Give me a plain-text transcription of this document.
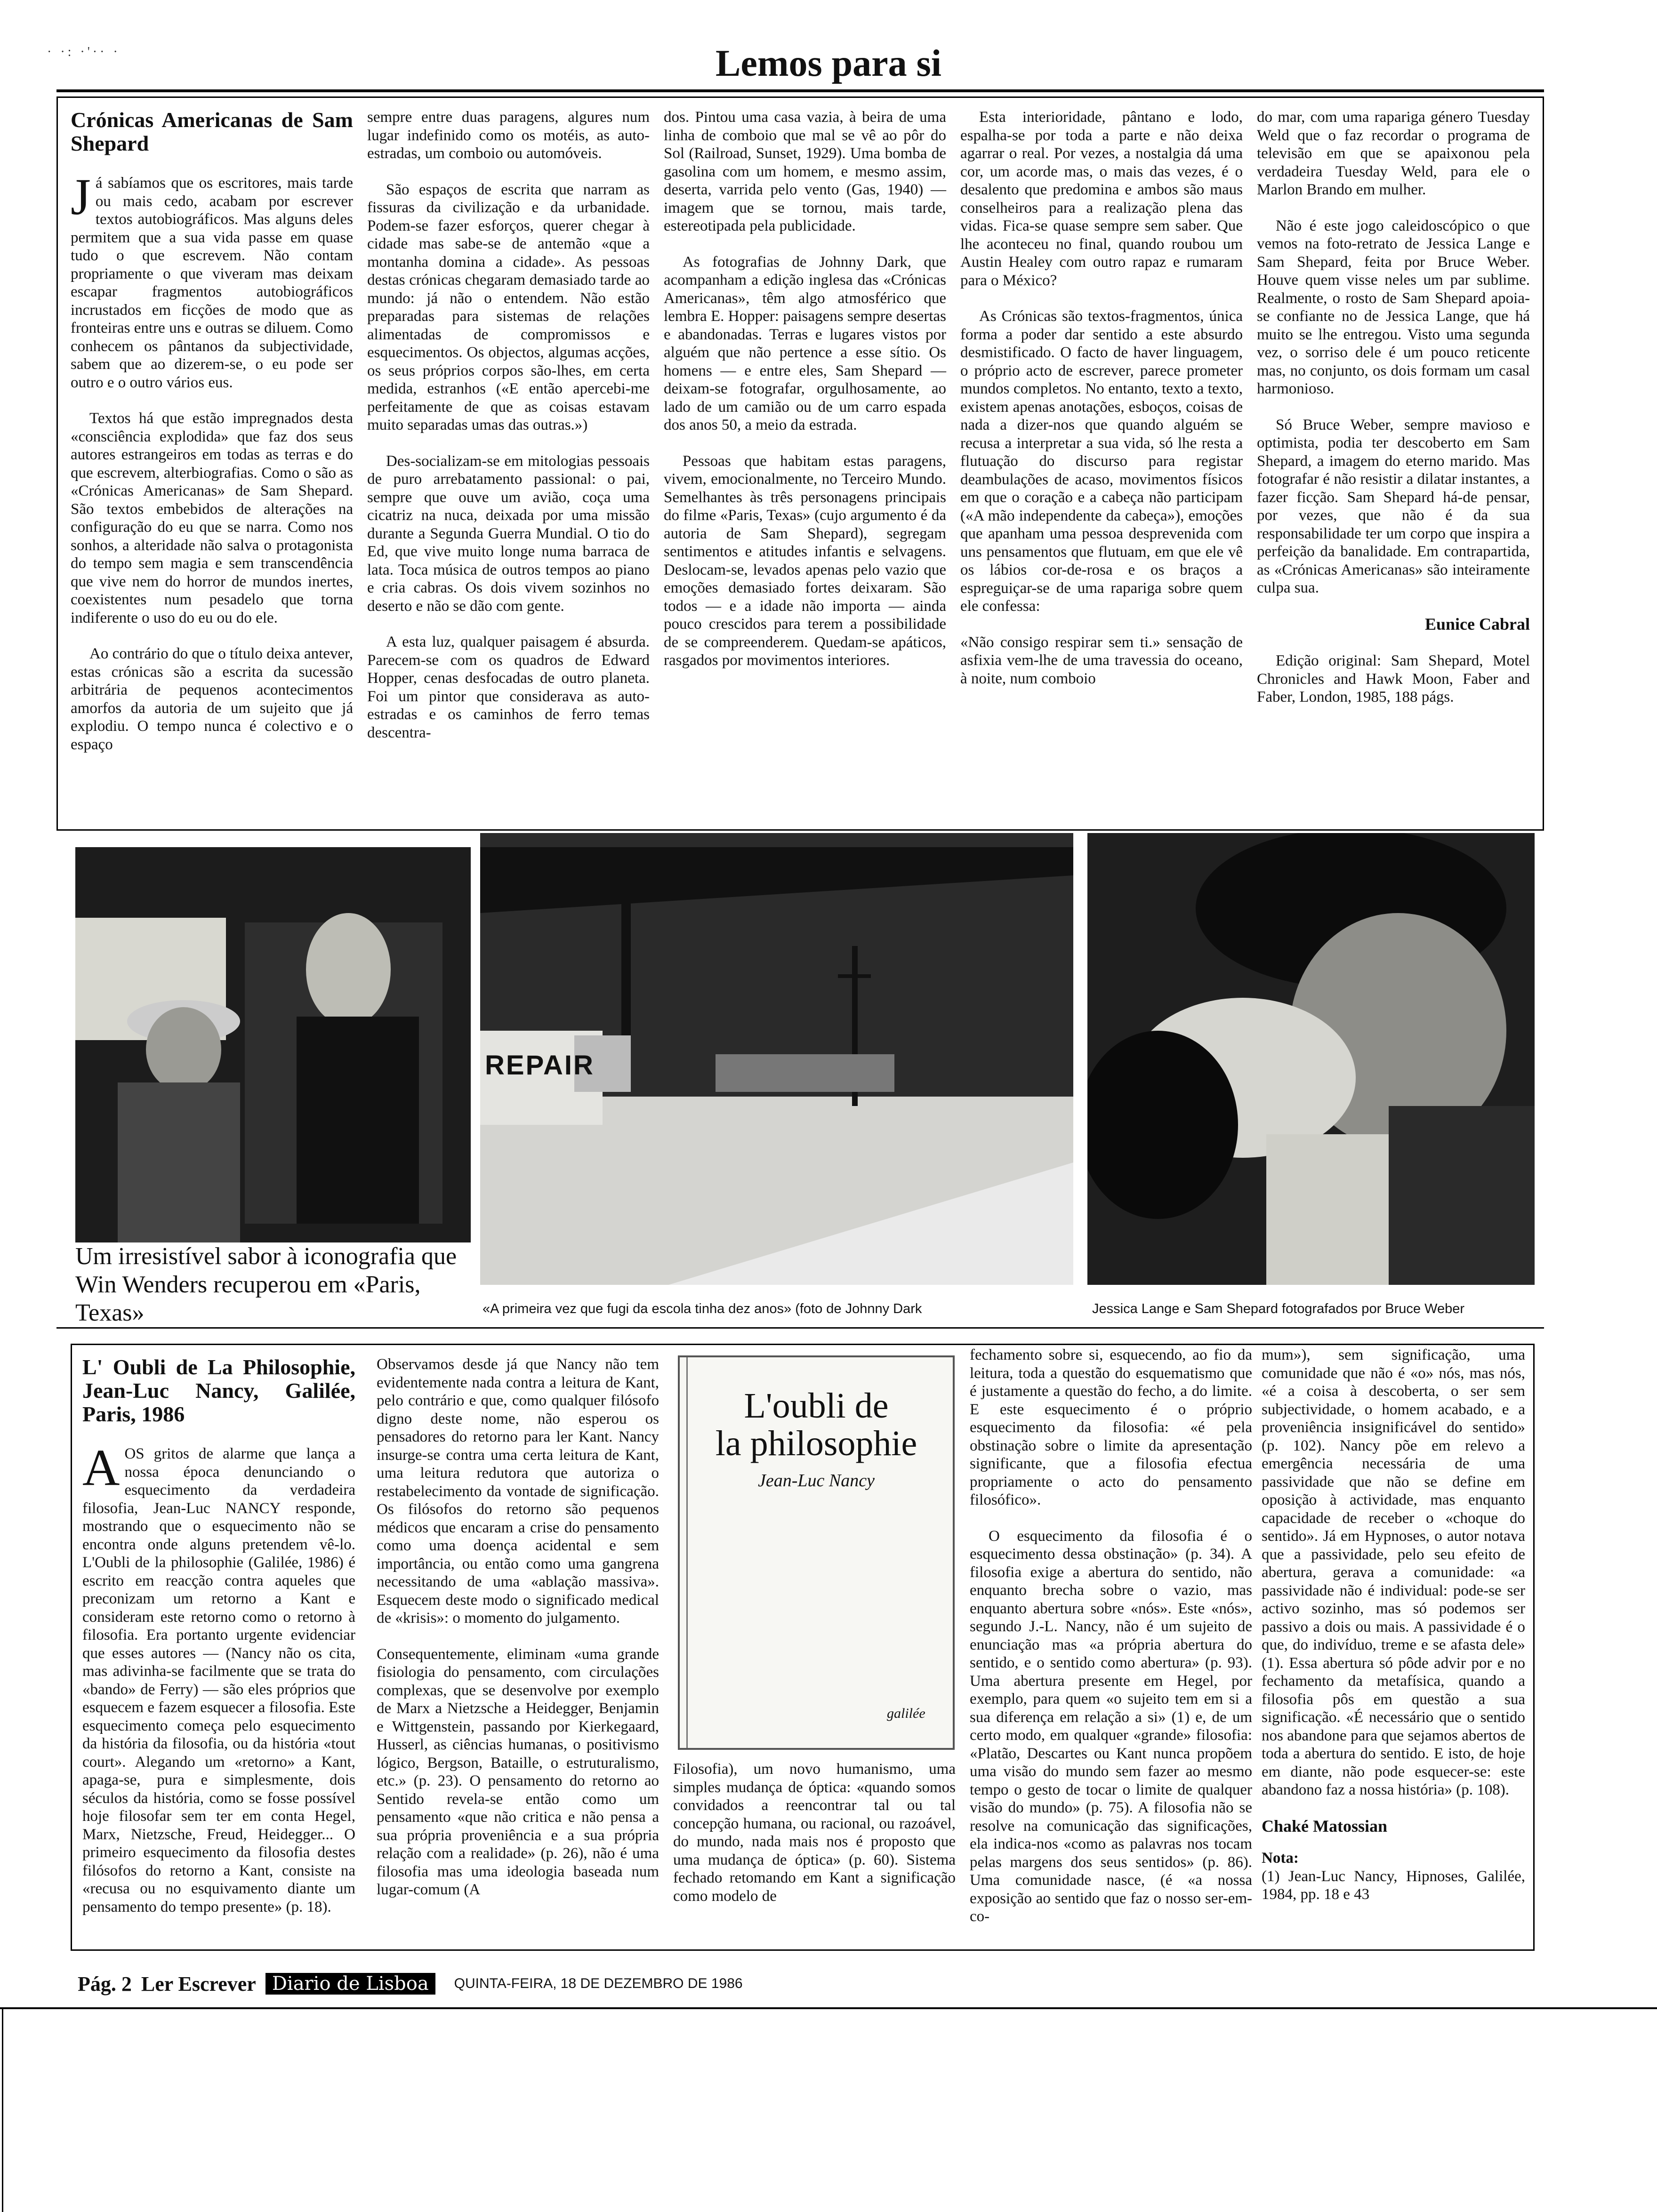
· ·: ·'·· ·	Lemos para si
Crónicas Americanas de Sam Shepard

Já sabíamos que os escritores, mais tarde ou mais cedo, acabam por escrever textos autobiográficos. Mas alguns deles permitem que a sua vida passe em quase tudo o que escrevem. Não contam propriamente o que viveram mas deixam escapar fragmentos autobiográficos incrustados em ficções de modo que as fronteiras entre uns e outras se diluem. Como conhecem os pântanos da subjectividade, sabem que ao dizerem-se, o eu pode ser outro e o outro vários eus.

Textos há que estão impregnados desta «consciência explodida» que faz dos seus autores estrangeiros em todas as terras e do que escrevem, alterbiografias. Como o são as «Crónicas Americanas» de Sam Shepard. São textos embebidos de alterações na configuração do eu que se narra. Como nos sonhos, a alteridade não salva o protagonista do tempo sem magia e sem transcendência que vive nem do horror de mundos inertes, coexistentes num pesadelo que torna indiferente o uso do eu ou do ele.

Ao contrário do que o título deixa antever, estas crónicas são a escrita da sucessão arbitrária de pequenos acontecimentos amorfos da autoria de um sujeito que já explodiu. O tempo nunca é colectivo e o espaço

sempre entre duas paragens, algures num lugar indefinido como os motéis, as auto-estradas, um comboio ou automóveis.

São espaços de escrita que narram as fissuras da civilização e da urbanidade. Podem-se fazer esforços, querer chegar à cidade mas sabe-se de antemão «que a montanha domina a cidade». As pessoas destas crónicas chegaram demasiado tarde ao mundo: já não o entendem. Não estão preparadas para sistemas de relações alimentadas de compromissos e esquecimentos. Os objectos, algumas acções, os seus próprios corpos são-lhes, em certa medida, estranhos («E então apercebi-me perfeitamente de que as coisas estavam muito separadas umas das outras.»)

Des-socializam-se em mitologias pessoais de puro arrebatamento passional: o pai, sempre que ouve um avião, coça uma cicatriz na nuca, deixada por uma missão durante a Segunda Guerra Mundial. O tio do Ed, que vive muito longe numa barraca de lata. Toca música de outros tempos ao piano e cria cabras. Os dois vivem sozinhos no deserto e não se dão com gente.

A esta luz, qualquer paisagem é absurda. Parecem-se com os quadros de Edward Hopper, cenas desfocadas de outro planeta. Foi um pintor que considerava as auto-estradas e os caminhos de ferro temas descentra-

dos. Pintou uma casa vazia, à beira de uma linha de comboio que mal se vê ao pôr do Sol (Railroad, Sunset, 1929). Uma bomba de gasolina com um homem, e mesmo assim, deserta, varrida pelo vento (Gas, 1940) — imagem que se tornou, mais tarde, estereotipada pela publicidade.

As fotografias de Johnny Dark, que acompanham a edição inglesa das «Crónicas Americanas», têm algo atmosférico que lembra E. Hopper: paisagens sempre desertas e abandonadas. Terras e lugares vistos por alguém que não pertence a esse sítio. Os homens — e entre eles, Sam Shepard — deixam-se fotografar, orgulhosamente, ao lado de um camião ou de um carro espada dos anos 50, a meio da estrada.

Pessoas que habitam estas paragens, vivem, emocionalmente, no Terceiro Mundo. Semelhantes às três personagens principais do filme «Paris, Texas» (cujo argumento é da autoria de Sam Shepard), segregam sentimentos e atitudes infantis e selvagens. Deslocam-se, levados apenas pelo vazio que emoções demasiado fortes deixaram. São todos — e a idade não importa — ainda pouco crescidos para terem a possibilidade de se compreenderem. Quedam-se apáticos, rasgados por movimentos interiores.

Esta interioridade, pântano e lodo, espalha-se por toda a parte e não deixa agarrar o real. Por vezes, a nostalgia dá uma cor, um acorde mas, o mais das vezes, é o desalento que predomina e ambos são maus conselheiros para a realização plena das vidas. Fica-se quase sempre sem saber. Que lhe aconteceu no final, quando roubou um Austin Healey com outro rapaz e rumaram para o México?

As Crónicas são textos-fragmentos, única forma a poder dar sentido a este absurdo desmistificado. O facto de haver linguagem, o próprio acto de escrever, parece prometer mundos completos. No entanto, texto a texto, existem apenas anotações, esboços, coisas de nada a dizer-nos que quando alguém se recusa a interpretar a sua vida, só lhe resta a flutuação do discurso para registar deambulações de acaso, movimentos físicos em que o coração e a cabeça não participam («A mão independente da cabeça»), emoções que apanham uma pessoa desprevenida com uns pensamentos que flutuam, em que ele vê os lábios cor-de-rosa e os braços a espreguiçar-se de uma rapariga sobre quem ele confessa:

«Não consigo respirar sem ti.» sensação de asfixia vem-lhe de uma travessia do oceano, à noite, num comboio

do mar, com uma rapariga género Tuesday Weld que o faz recordar o programa de televisão em que se apaixonou pela verdadeira Tuesday Weld, para ele o Marlon Brando em mulher.

Não é este jogo caleidoscópico o que vemos na foto-retrato de Jessica Lange e Sam Shepard, feita por Bruce Weber. Houve quem visse neles um par sublime. Realmente, o rosto de Sam Shepard apoia-se confiante no de Jessica Lange, que há muito se lhe entregou. Visto uma segunda vez, o sorriso dele é um pouco reticente mas, no conjunto, os dois formam um casal harmonioso.

Só Bruce Weber, sempre mavioso e optimista, podia ter descoberto em Sam Shepard, a imagem do eterno marido. Mas fotografar é não resistir a dilatar instantes, a fazer ficção. Sam Shepard há-de pensar, por vezes, que não é da sua responsabilidade ter um corpo que inspira a perfeição da banalidade. Em contrapartida, as «Crónicas Americanas» são inteiramente culpa sua.

Eunice Cabral

Edição original: Sam Shepard, Motel Chronicles and Hawk Moon, Faber and Faber, London, 1985, 188 págs.

REPAIR
Um irresistível sabor à iconografia que Win Wenders recuperou em «Paris, Texas»	«A primeira vez que fugi da escola tinha dez anos» (foto de Johnny Dark	Jessica Lange e Sam Shepard fotografados por Bruce Weber
L' Oubli de La Philosophie, Jean-Luc Nancy, Galilée, Paris, 1986

AOS gritos de alarme que lança a nossa época denunciando o esquecimento da verdadeira filosofia, Jean-Luc NANCY responde, mostrando que o esquecimento não se encontra onde alguns pretendem vê-lo. L'Oubli de la philosophie (Galilée, 1986) é escrito em reacção contra aqueles que preconizam um retorno a Kant e consideram este retorno como o retorno à filosofia. Era portanto urgente evidenciar que esses autores — (Nancy não os cita, mas adivinha-se facilmente que se trata do «bando» de Ferry) — são eles próprios que esquecem e fazem esquecer a filosofia. Este esquecimento começa pelo esquecimento da história da filosofia, ou da história «tout court». Alegando um «retorno» a Kant, apaga-se, pura e simplesmente, dois séculos da história, como se fosse possível hoje filosofar sem ter em conta Hegel, Marx, Nietzsche, Freud, Heidegger... O primeiro esquecimento da filosofia destes filósofos do retorno a Kant, consiste na «recusa ou no esquivamento diante um pensamento do tempo presente» (p. 18).

Observamos desde já que Nancy não tem evidentemente nada contra a leitura de Kant, pelo contrário e que, como qualquer filósofo digno deste nome, não esperou os pensadores do retorno para ler Kant. Nancy insurge-se contra uma certa leitura de Kant, uma leitura redutora que autoriza o restabelecimento da vontade de significação. Os filósofos do retorno são pequenos médicos que encaram a crise do pensamento como uma doença acidental e sem importância, ou então como uma gangrena necessitando de uma «ablação massiva». Esquecem deste modo o significado medical de «krisis»: o momento do julgamento.

Consequentemente, eliminam «uma grande fisiologia do pensamento, com circulações complexas, que se desenvolve por exemplo de Marx a Nietzsche a Heidegger, Benjamin e Wittgenstein, passando por Kierkegaard, Husserl, as ciências humanas, o positivismo lógico, Bergson, Bataille, o estruturalismo, etc.» (p. 23). O pensamento do retorno ao Sentido revela-se então como um pensamento «que não critica e não pensa a sua própria proveniência e a sua própria relação com a realidade» (p. 26), não é uma filosofia mas uma ideologia baseada num lugar-comum (A

L'oubli de
la philosophie
Jean-Luc Nancy
galilée

Filosofia), um novo humanismo, uma simples mudança de óptica: «quando somos convidados a reencontrar tal ou tal concepção humana, ou racional, ou razoável, do mundo, nada mais nos é proposto que uma mudança de óptica» (p. 60). Sistema fechado retomando em Kant a significação como modelo de

fechamento sobre si, esquecendo, ao fio da leitura, toda a questão do esquematismo que é justamente a questão do fecho, a do limite. E este esquecimento é o próprio esquecimento da filosofia: «é pela obstinação sobre o limite da apresentação significante, que a filosofia efectua propriamente o acto do pensamento filosófico».

O esquecimento da filosofia é o esquecimento dessa obstinação» (p. 34). A filosofia exige a abertura do sentido, não enquanto brecha sobre o vazio, mas enquanto abertura sobre «nós». Este «nós», segundo J.-L. Nancy, não é um sujeito de enunciação mas «a própria abertura do sentido, e o sentido como abertura» (p. 93). Uma abertura presente em Hegel, por exemplo, para quem «o sujeito tem em si a sua diferença em relação a si» (1) e, de um certo modo, em qualquer «grande» filosofia: «Platão, Descartes ou Kant nunca propõem uma visão do mundo sem fazer ao mesmo tempo o gesto de tocar o limite de qualquer visão do mundo» (p. 75). A filosofia não se resolve na comunicação das significações, ela indica-nos «como as palavras nos tocam pelas margens dos seus sentidos» (p. 86). Uma comunidade nasce, (é «a nossa exposição ao sentido que faz o nosso ser-em-co-

mum»), sem significação, uma comunidade que não é «o» nós, mas nós, «é a coisa à descoberta, o ser sem subjectividade, o homem acabado, e a proveniência insignificável do sentido» (p. 102). Nancy põe em relevo a emergência necessária de uma passividade que não se define em oposição à actividade, mas enquanto capacidade de receber o «choque do sentido». Já em Hypnoses, o autor notava que a passividade, pelo seu efeito de abertura, gerava a comunidade: «a passividade não é individual: pode-se ser activo sozinho, mas só podemos ser passivo a dois ou mais. A passividade é o que, do indivíduo, treme e se afasta dele» (1). Essa abertura só pôde advir por e no fechamento da metafísica, quando a filosofia pôs em questão a sua significação. «É necessário que o sentido nos abandone para que sejamos abertos de toda a abertura do sentido. E isto, de hoje em diante, não pode esquecer-se: este abandono faz a nossa história» (p. 108).

Chaké Matossian
Nota:
(1) Jean-Luc Nancy, Hipnoses, Galilée, 1984, pp. 18 e 43
Pág. 2 Ler Escrever Diario de Lisboa	QUINTA-FEIRA, 18 DE DEZEMBRO DE 1986
